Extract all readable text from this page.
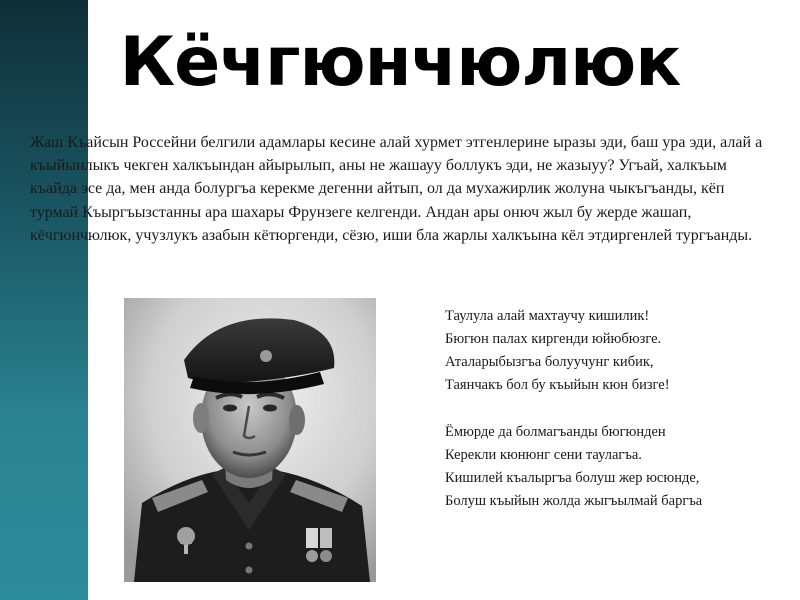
Кёчгюнчюлюк

Жаш Къайсын Россейни белгили адамлары кесине алай хурмет этгенлерине ыразы эди, баш ура эди, алай а къыйынлыкъ чекген халкъындан айырылып, аны не жашауу боллукъ эди, не жазыуу? Угъай, халкъым къайда эсе да, мен анда болургъа керекме дегенни айтып, ол да мухажирлик жолуна чыкъгъанды, кёп турмай Къыргъызстанны ара шахары Фрунзеге келгенди. Андан ары онюч жыл бу жерде жашап, кёчгюнчюлюк, учузлукъ азабын кётюргенди, сёзю, иши бла жарлы халкъына кёл этдиргенлей тургъанды.

Таулула алай махтаучу кишилик!
Бюгюн палах киргенди юйюбюзге.
Аталарыбызгъа болуучунг кибик,
Таянчакъ бол бу къыйын кюн бизге!
Ёмюрде да болмагъанды бюгюнден
Керекли кюнюнг сени таулагъа.
Кишилей къалыргъа болуш жер юсюнде,
Болуш къыйын жолда жыгъылмай баргъа
